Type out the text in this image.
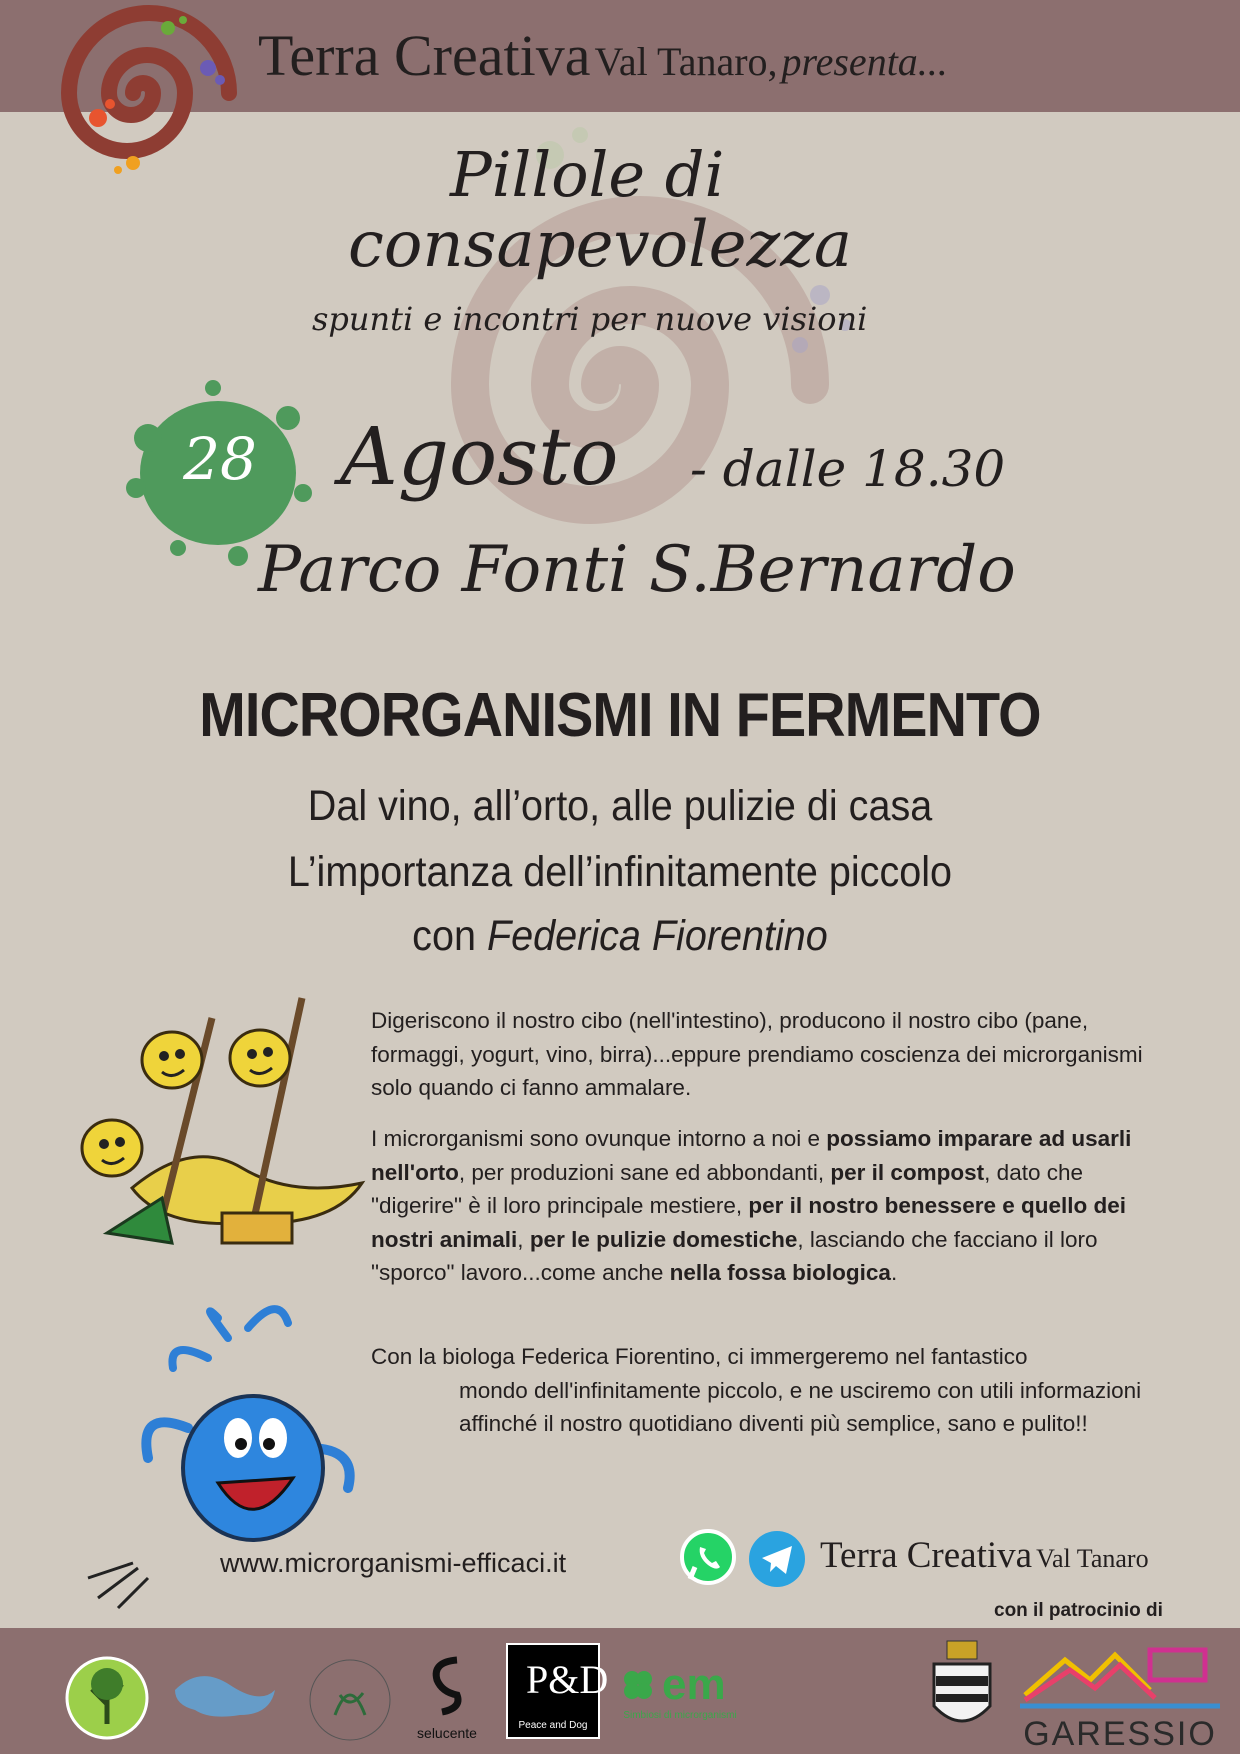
Terra Creativa Val Tanaro, presenta...
Pillole di
consapevolezza
spunti e incontri per nuove visioni
28 Agosto - dalle 18.30
Parco Fonti S.Bernardo
MICRORGANISMI IN FERMENTO
Dal vino, all’orto, alle pulizie di casa
L’importanza dell’infinitamente piccolo
con Federica Fiorentino
Digeriscono il nostro cibo (nell'intestino), producono il nostro cibo (pane, formaggi, yogurt, vino, birra)...eppure prendiamo coscienza dei microrganismi solo quando ci fanno ammalare.
I microrganismi sono ovunque intorno a noi e possiamo imparare ad usarli nell'orto, per produzioni sane ed abbondanti, per il compost, dato che "digerire" è il loro principale mestiere, per il nostro benessere e quello dei nostri animali, per le pulizie domestiche, lasciando che facciano il loro "sporco" lavoro...come anche nella fossa biologica.
Con la biologa Federica Fiorentino, ci immergeremo nel fantastico
mondo dell'infinitamente piccolo, e ne usciremo con utili informazioni affinché il nostro quotidiano diventi più semplice, sano e pulito!!
www.microrganismi-efficaci.it	Terra Creativa Val Tanaro
con il patrocinio di
selucente
P&D
Peace and Dog
em
Simbiosi di microrganismi	GARESSIO
